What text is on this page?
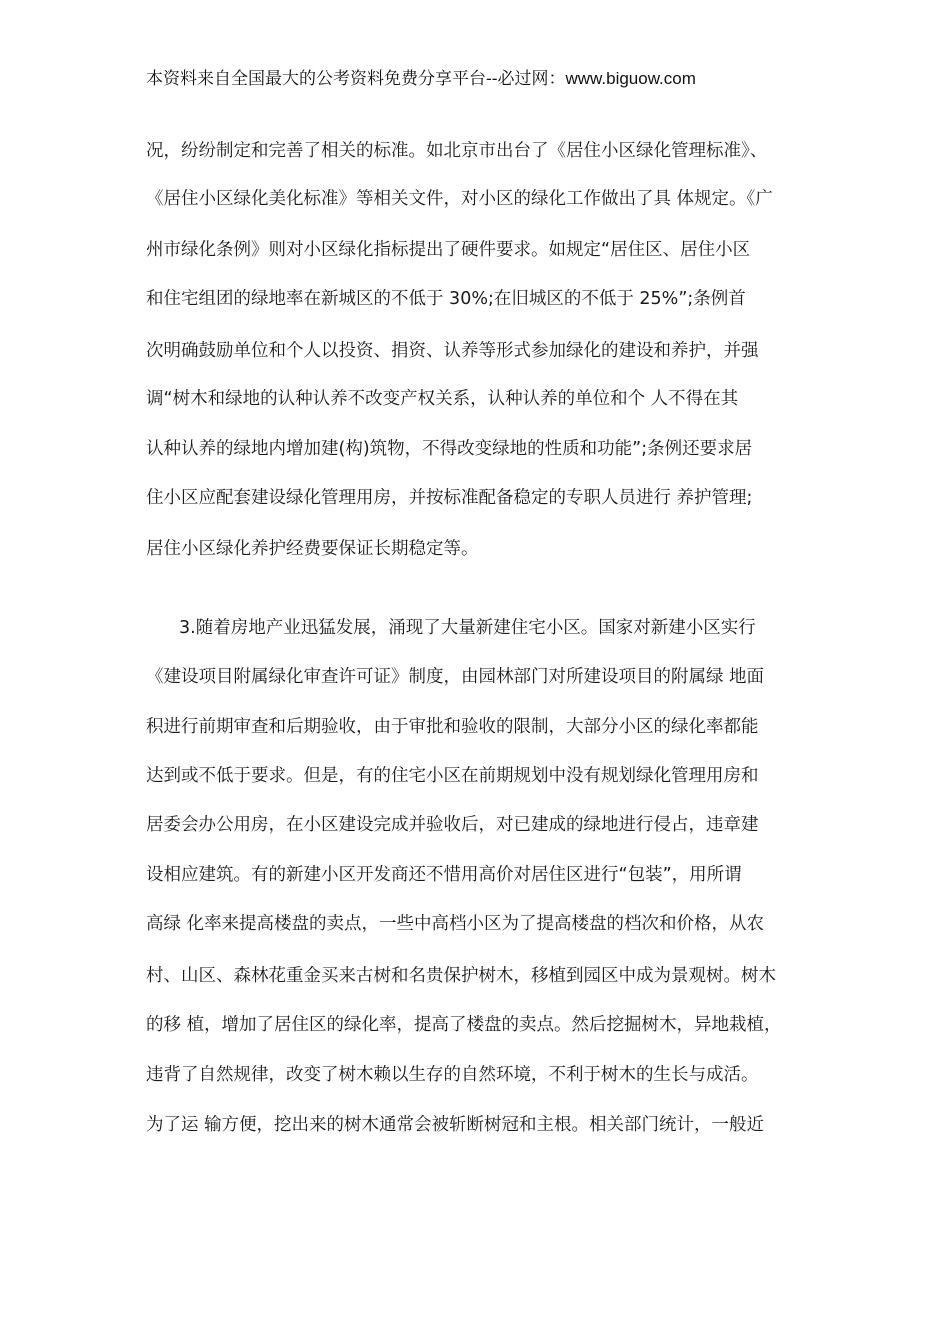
本资料来自全国最大的公考资料免费分享平台--必过网：www.biguow.com
况，纷纷制定和完善了相关的标准。如北京市出台了《居住小区绿化管理标准》、
《居住小区绿化美化标准》等相关文件，对小区的绿化工作做出了具 体规定。《广
州市绿化条例》则对小区绿化指标提出了硬件要求。如规定“居住区、居住小区
和住宅组团的绿地率在新城区的不低于 30%;在旧城区的不低于 25%”;条例首
次明确鼓励单位和个人以投资、捐资、认养等形式参加绿化的建设和养护，并强
调“树木和绿地的认种认养不改变产权关系，认种认养的单位和个 人不得在其
认种认养的绿地内增加建(构)筑物，不得改变绿地的性质和功能”;条例还要求居
住小区应配套建设绿化管理用房，并按标准配备稳定的专职人员进行 养护管理;
居住小区绿化养护经费要保证长期稳定等。
3.随着房地产业迅猛发展，涌现了大量新建住宅小区。国家对新建小区实行
《建设项目附属绿化审查许可证》制度，由园林部门对所建设项目的附属绿 地面
积进行前期审查和后期验收，由于审批和验收的限制，大部分小区的绿化率都能
达到或不低于要求。但是，有的住宅小区在前期规划中没有规划绿化管理用房和
居委会办公用房，在小区建设完成并验收后，对已建成的绿地进行侵占，违章建
设相应建筑。有的新建小区开发商还不惜用高价对居住区进行“包装”，用所谓
高绿 化率来提高楼盘的卖点，一些中高档小区为了提高楼盘的档次和价格，从农
村、山区、森林花重金买来古树和名贵保护树木，移植到园区中成为景观树。树木
的移 植，增加了居住区的绿化率，提高了楼盘的卖点。然后挖掘树木，异地栽植，
违背了自然规律，改变了树木赖以生存的自然环境，不利于树木的生长与成活。
为了运 输方便，挖出来的树木通常会被斩断树冠和主根。相关部门统计，一般近
